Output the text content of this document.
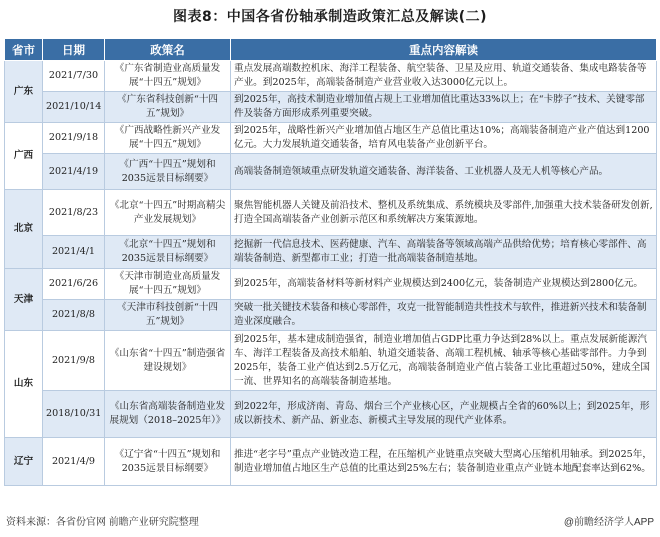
图表8：中国各省份轴承制造政策汇总及解读(二)
省市	日期	政策名	重点内容解读
广东	2021/7/30	《广东省制造业高质量发展“十四五”规划》	重点发展高端数控机床、海洋工程装备、航空装备、卫星及应用、轨道交通装备、集成电路装备等产业。到2025年，高端装备制造产业营业收入达3000亿元以上。
	2021/10/14	《广东省科技创新“十四五”规划》	到2025年，高技术制造业增加值占规上工业增加值比重达33%以上；在“卡脖子”技术、关键零部件及装备方面形成系列重要突破。
广西	2021/9/18	《广西战略性新兴产业发展“十四五”规划》	到2025年，战略性新兴产业增加值占地区生产总值比重达10%；高端装备制造产业产值达到1200亿元。大力发展轨道交通装备，培育风电装备产业创新平台。
	2021/4/19	《广西“十四五”规划和2035远景目标纲要》	高端装备制造领域重点研发轨道交通装备、海洋装备、工业机器人及无人机等核心产品。
北京	2021/8/23	《北京“十四五”时期高精尖产业发展规划》	聚焦智能机器人关键及前沿技术、整机及系统集成、系统模块及零部件,加强重大技术装备研发创新,打造全国高端装备产业创新示范区和系统解决方案策源地。
	2021/4/1	《北京“十四五”规划和2035远景目标纲要》	挖掘新一代信息技术、医药健康、汽车、高端装备等领域高端产品供给优势；培育核心零部件、高端装备制造、新型都市工业；打造一批高端装备制造基地。
天津	2021/6/26	《天津市制造业高质量发展“十四五”规划》	到2025年，高端装备材料等新材料产业规模达到2400亿元，装备制造产业规模达到2800亿元。
	2021/8/8	《天津市科技创新“十四五”规划》	突破一批关键技术装备和核心零部件，攻克一批智能制造共性技术与软件，推进新兴技术和装备制造业深度融合。
山东	2021/9/8	《山东省“十四五”制造强省建设规划》	到2025年，基本建成制造强省，制造业增加值占GDP比重力争达到28%以上。重点发展新能源汽车、海洋工程装备及高技术船舶、轨道交通装备、高端工程机械、轴承等核心基础零部件。力争到2025年，装备工业产值达到2.5万亿元，高端装备制造业产值占装备工业比重超过50%，建成全国一流、世界知名的高端装备制造基地。
	2018/10/31	《山东省高端装备制造业发展规划（2018–2025年）》	到2022年，形成济南、青岛、烟台三个产业核心区，产业规模占全省的60%以上；到2025年，形成以新技术、新产品、新业态、新模式主导发展的现代产业体系。
辽宁	2021/4/9	《辽宁省“十四五”规划和2035远景目标纲要》	推进“老字号”重点产业链改造工程，在压缩机产业链重点突破大型离心压缩机用轴承。到2025年，制造业增加值占地区生产总值的比重达到25%左右；装备制造业重点产业链本地配套率达到62%。
资料来源：各省份官网 前瞻产业研究院整理	@前瞻经济学人APP
